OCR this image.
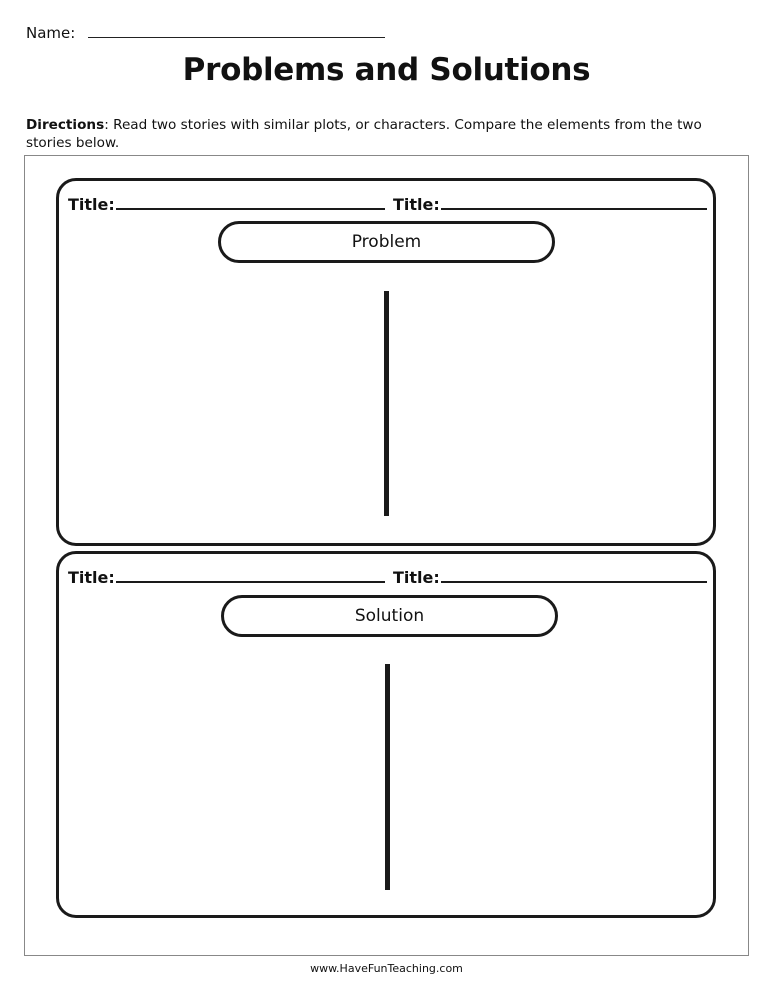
Name:
Problems and Solutions
Directions: Read two stories with similar plots, or characters. Compare the elements from the two stories below.
Title:	Title:
Problem
Title:	Title:
Solution
www.HaveFunTeaching.com
